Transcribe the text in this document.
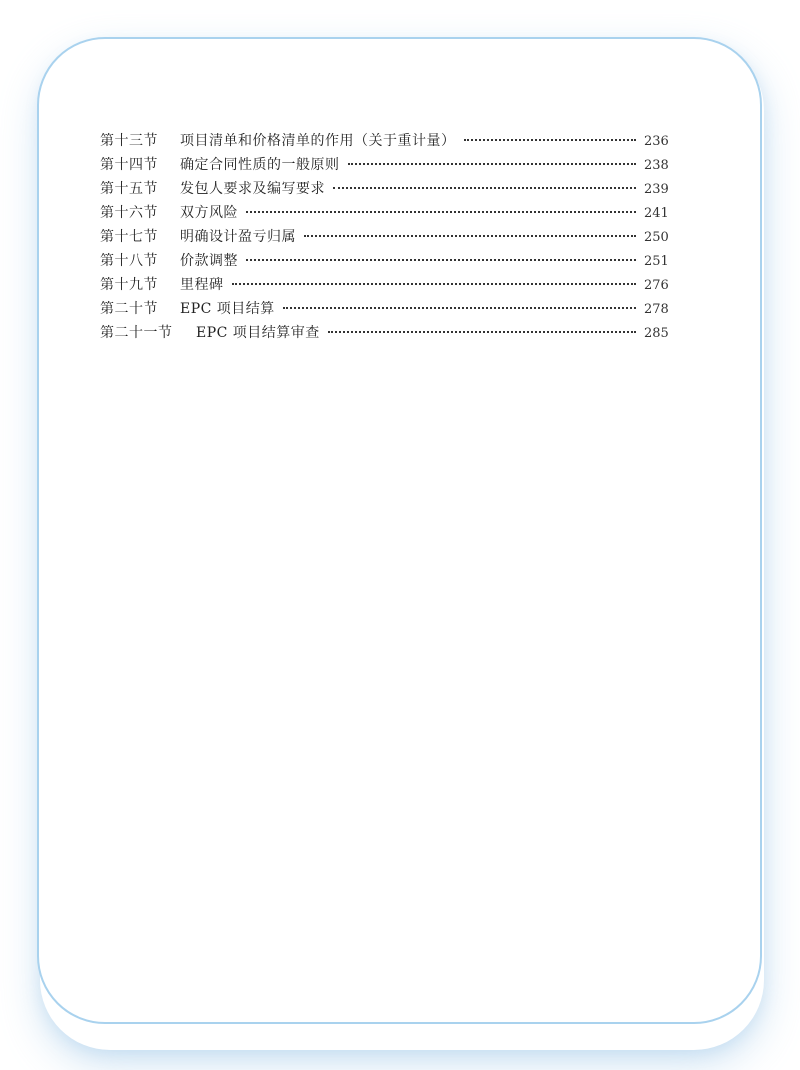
第十三节	项目清单和价格清单的作用（关于重计量）	236
第十四节	确定合同性质的一般原则	238
第十五节	发包人要求及编写要求	239
第十六节	双方风险	241
第十七节	明确设计盈亏归属	250
第十八节	价款调整	251
第十九节	里程碑	276
第二十节	EPC 项目结算	278
第二十一节	EPC 项目结算审查	285
